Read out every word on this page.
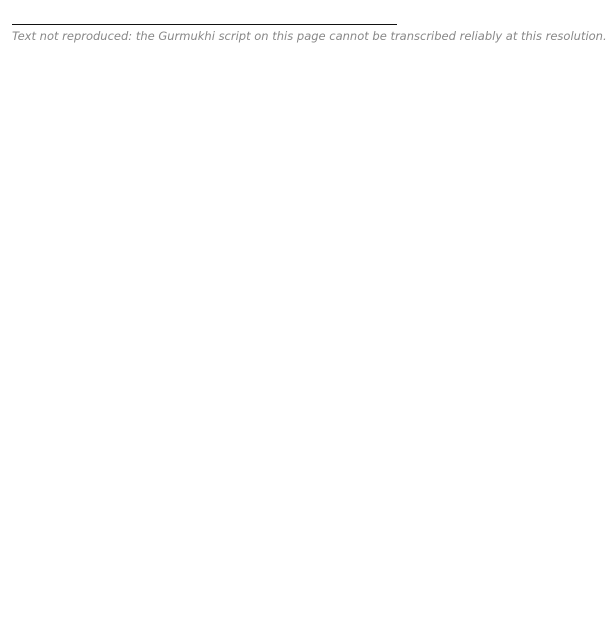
Text not reproduced: the Gurmukhi script on this page cannot be transcribed reliably at this resolution.
